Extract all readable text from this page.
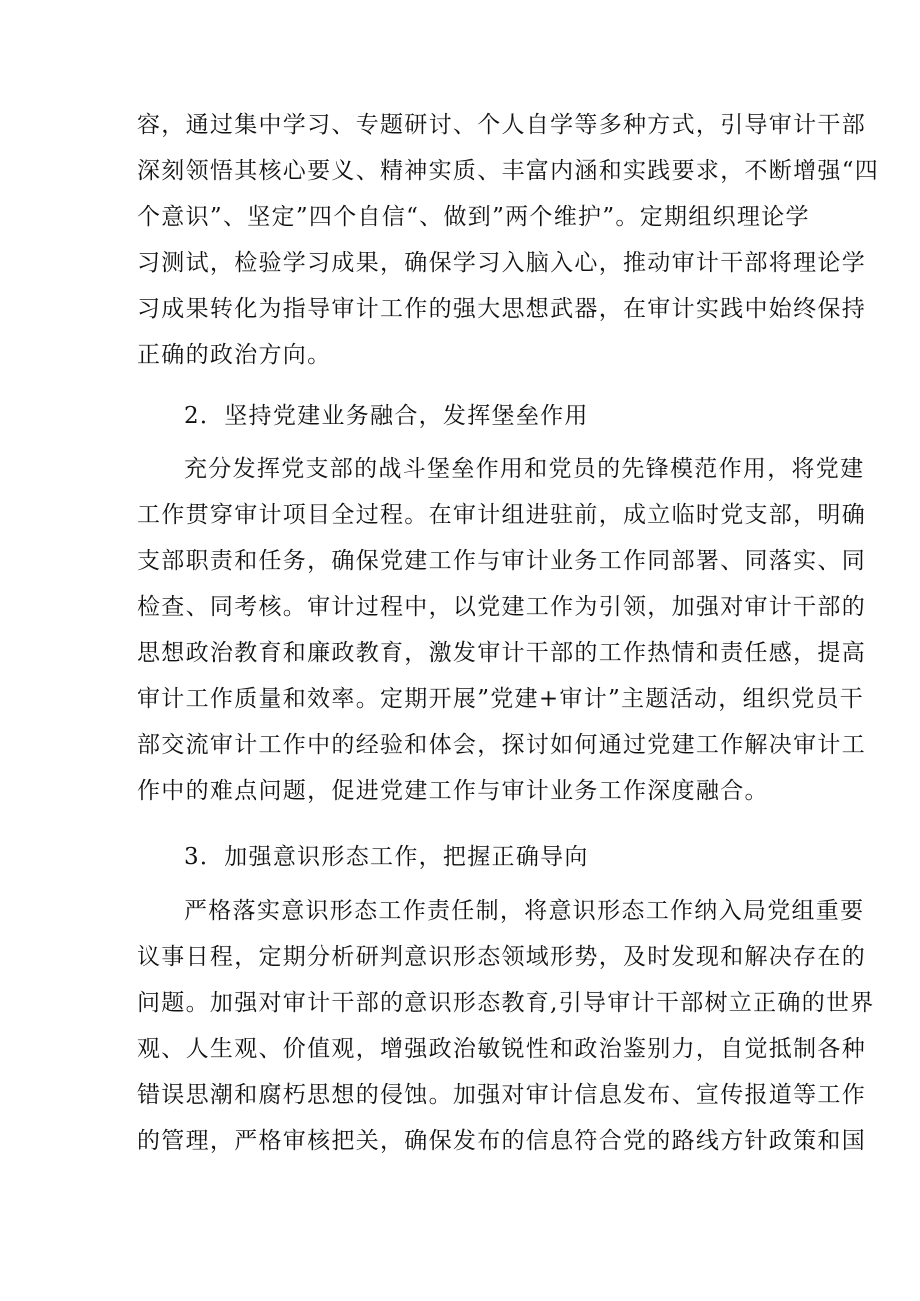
容，通过集中学习、专题研讨、个人自学等多种方式，引导审计干部
深刻领悟其核心要义、精神实质、丰富内涵和实践要求，不断增强“四
个意识”、坚定”四个自信“、做到”两个维护”。定期组织理论学
习测试，检验学习成果，确保学习入脑入心，推动审计干部将理论学
习成果转化为指导审计工作的强大思想武器，在审计实践中始终保持
正确的政治方向。
2．坚持党建业务融合，发挥堡垒作用
充分发挥党支部的战斗堡垒作用和党员的先锋模范作用，将党建
工作贯穿审计项目全过程。在审计组进驻前，成立临时党支部，明确
支部职责和任务，确保党建工作与审计业务工作同部署、同落实、同
检查、同考核。审计过程中，以党建工作为引领，加强对审计干部的
思想政治教育和廉政教育，激发审计干部的工作热情和责任感，提高
审计工作质量和效率。定期开展”党建+审计”主题活动，组织党员干
部交流审计工作中的经验和体会，探讨如何通过党建工作解决审计工
作中的难点问题，促进党建工作与审计业务工作深度融合。
3．加强意识形态工作，把握正确导向
严格落实意识形态工作责任制，将意识形态工作纳入局党组重要
议事日程，定期分析研判意识形态领域形势，及时发现和解决存在的
问题。加强对审计干部的意识形态教育,引导审计干部树立正确的世界
观、人生观、价值观，增强政治敏锐性和政治鉴别力，自觉抵制各种
错误思潮和腐朽思想的侵蚀。加强对审计信息发布、宣传报道等工作
的管理，严格审核把关，确保发布的信息符合党的路线方针政策和国
